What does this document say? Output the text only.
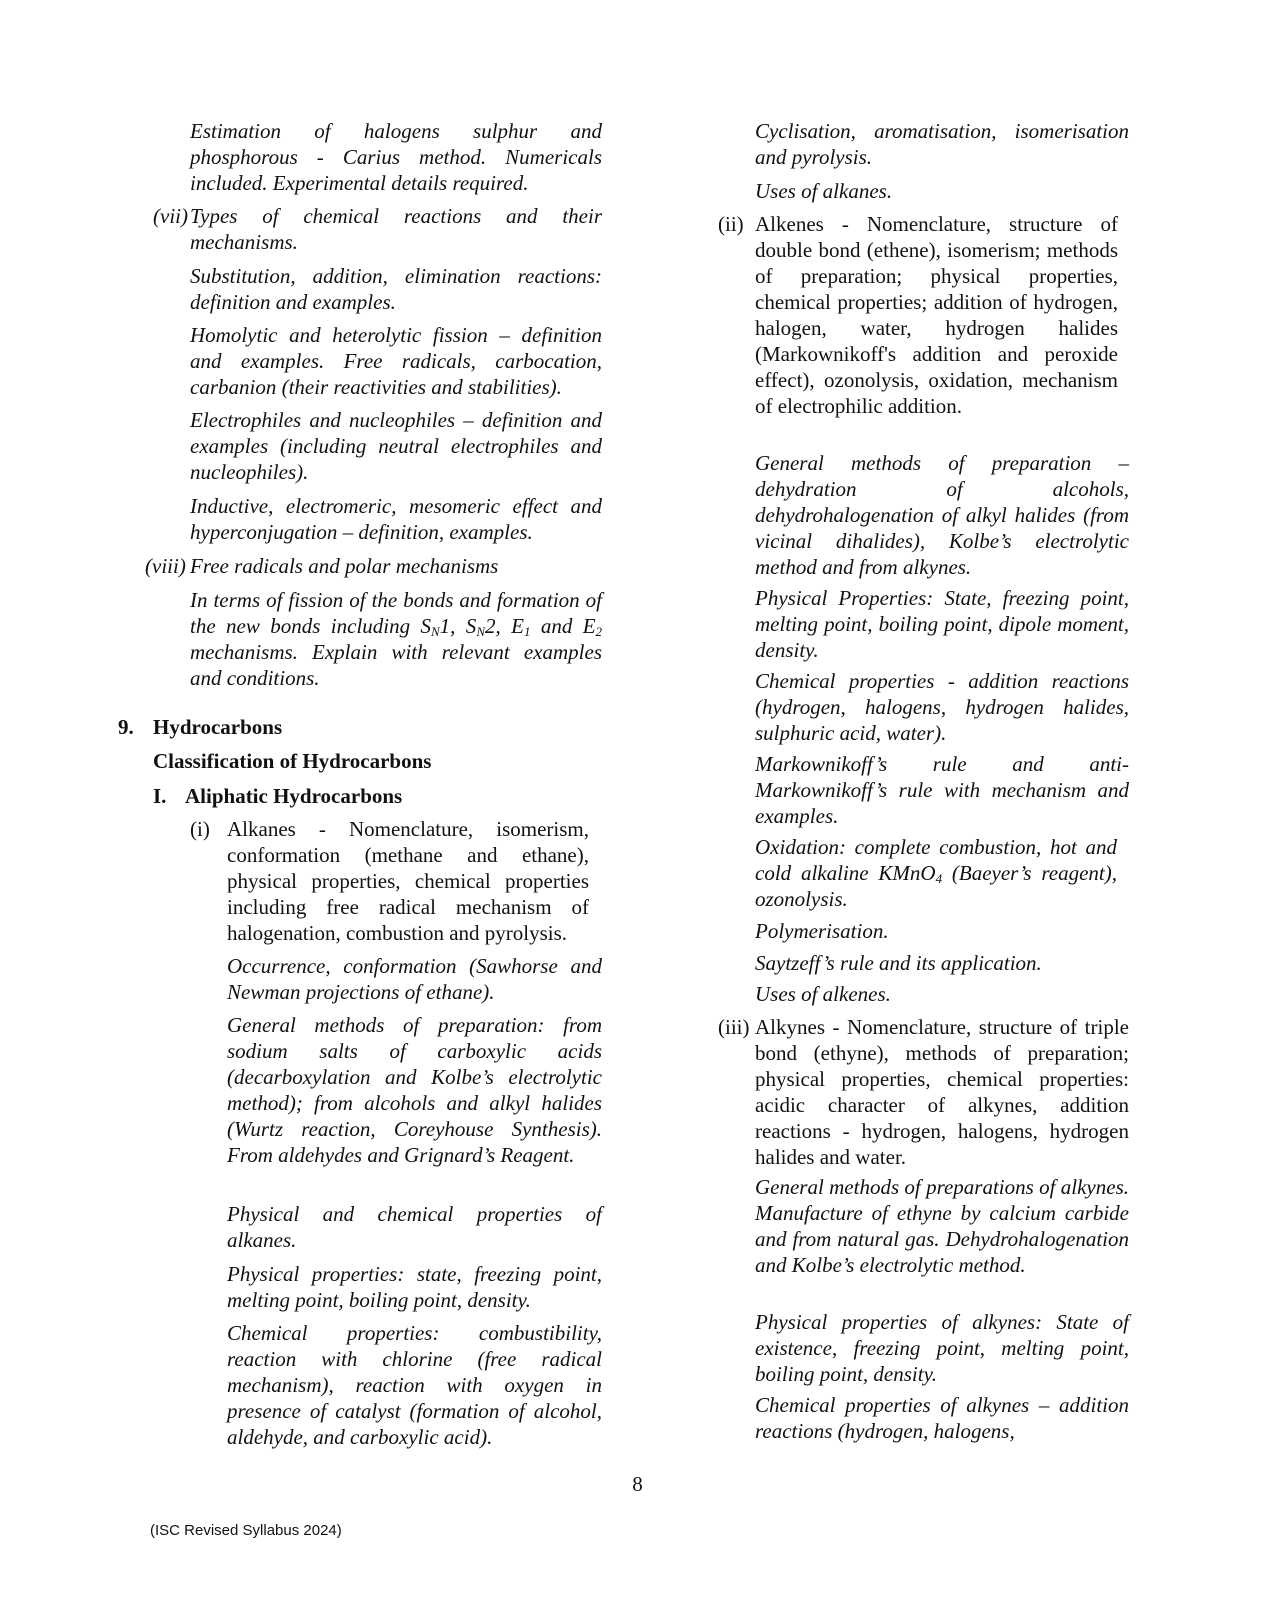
Estimation of halogens sulphur and phosphorous - Carius method. Numericals included. Experimental details required.
(vii) Types of chemical reactions and their mechanisms.
Substitution, addition, elimination reactions: definition and examples.
Homolytic and heterolytic fission – definition and examples. Free radicals, carbocation, carbanion (their reactivities and stabilities).
Electrophiles and nucleophiles – definition and examples (including neutral electrophiles and nucleophiles).
Inductive, electromeric, mesomeric effect and hyperconjugation – definition, examples.
(viii) Free radicals and polar mechanisms
In terms of fission of the bonds and formation of the new bonds including $S_N1$, $S_N2$, $E_1$ and $E_2$ mechanisms. Explain with relevant examples and conditions.
9. Hydrocarbons
Classification of Hydrocarbons
I. Aliphatic Hydrocarbons
(i) Alkanes - Nomenclature, isomerism, conformation (methane and ethane), physical properties, chemical properties including free radical mechanism of halogenation, combustion and pyrolysis.
Occurrence, conformation (Sawhorse and Newman projections of ethane).
General methods of preparation: from sodium salts of carboxylic acids (decarboxylation and Kolbe’s electrolytic method); from alcohols and alkyl halides (Wurtz reaction, Coreyhouse Synthesis). From aldehydes and Grignard’s Reagent.
Physical and chemical properties of alkanes.
Physical properties: state, freezing point, melting point, boiling point, density.
Chemical properties: combustibility, reaction with chlorine (free radical mechanism), reaction with oxygen in presence of catalyst (formation of alcohol, aldehyde, and carboxylic acid).
Cyclisation, aromatisation, isomerisation and pyrolysis.
Uses of alkanes.
(ii) Alkenes - Nomenclature, structure of double bond (ethene), isomerism; methods of preparation; physical properties, chemical properties; addition of hydrogen, halogen, water, hydrogen halides (Markownikoff's addition and peroxide effect), ozonolysis, oxidation, mechanism of electrophilic addition.
General methods of preparation – dehydration of alcohols, dehydrohalogenation of alkyl halides (from vicinal dihalides), Kolbe’s electrolytic method and from alkynes.
Physical Properties: State, freezing point, melting point, boiling point, dipole moment, density.
Chemical properties - addition reactions (hydrogen, halogens, hydrogen halides, sulphuric acid, water).
Markownikoff’s rule and anti-Markownikoff’s rule with mechanism and examples.
Oxidation: complete combustion, hot and cold alkaline KMnO$_4$ (Baeyer’s reagent), ozonolysis.
Polymerisation.
Saytzeff’s rule and its application.
Uses of alkenes.
(iii) Alkynes - Nomenclature, structure of triple bond (ethyne), methods of preparation; physical properties, chemical properties: acidic character of alkynes, addition reactions - hydrogen, halogens, hydrogen halides and water.
General methods of preparations of alkynes. Manufacture of ethyne by calcium carbide and from natural gas. Dehydrohalogenation and Kolbe’s electrolytic method.
Physical properties of alkynes: State of existence, freezing point, melting point, boiling point, density.
Chemical properties of alkynes – addition reactions (hydrogen, halogens,
8
(ISC Revised Syllabus 2024)
